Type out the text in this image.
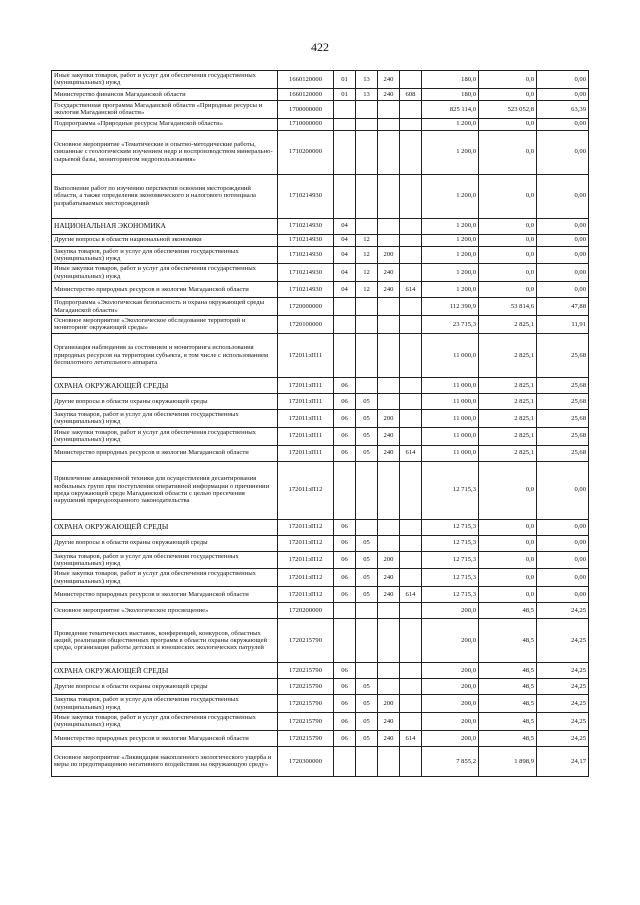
422
Иные закупки товаров, работ и услуг для обеспечения государственных (муниципальных) нужд	1660120000	01	13	240		180,0	0,0	0,00
Министерство финансов Магаданской области	1660120000	01	13	240	608	180,0	0,0	0,00
Государственная программа Магаданской области «Природные ресурсы и экология Магаданской области»	1700000000					825 114,0	523 052,8	63,39
Подпрограмма «Природные ресурсы Магаданской области»	1710000000					1 200,0	0,0	0,00
Основное мероприятие «Тематические и опытно-методические работы, связанные с геологическим изучением недр и воспроизводством минерально-сырьевой базы, мониторингом недропользования»	1710200000					1 200,0	0,0	0,00
Выполнение работ по изучению перспектив освоения месторождений области, а также определения экономического и налогового потенциала разрабатываемых месторождений	1710214930					1 200,0	0,0	0,00
НАЦИОНАЛЬНАЯ ЭКОНОМИКА	1710214930	04				1 200,0	0,0	0,00
Другие вопросы в области национальной экономики	1710214930	04	12			1 200,0	0,0	0,00
Закупка товаров, работ и услуг для обеспечения государственных (муниципальных) нужд	1710214930	04	12	200		1 200,0	0,0	0,00
Иные закупки товаров, работ и услуг для обеспечения государственных (муниципальных) нужд	1710214930	04	12	240		1 200,0	0,0	0,00
Министерство природных ресурсов и экологии Магаданской области	1710214930	04	12	240	614	1 200,0	0,0	0,00
Подпрограмма «Экологическая безопасность и охрана окружающей среды Магаданской области»	1720000000					112 390,9	53 814,6	47,88
Основное мероприятие «Экологическое обследование территорий и мониторинг окружающей среды»	1720100000					23 715,3	2 825,1	11,91
Организация наблюдения за состоянием и мониторинга использования природных ресурсов на территории субъекта, в том числе с использованием беспилотного летательного аппарата	172011ͻП11					11 000,0	2 825,1	25,68
ОХРАНА ОКРУЖАЮЩЕЙ СРЕДЫ	172011ͻП11	06				11 000,0	2 825,1	25,68
Другие вопросы в области охраны окружающей среды	172011ͻП11	06	05			11 000,0	2 825,1	25,68
Закупка товаров, работ и услуг для обеспечения государственных (муниципальных) нужд	172011ͻП11	06	05	200		11 000,0	2 825,1	25,68
Иные закупки товаров, работ и услуг для обеспечения государственных (муниципальных) нужд	172011ͻП11	06	05	240		11 000,0	2 825,1	25,68
Министерство природных ресурсов и экологии Магаданской области	172011ͻП11	06	05	240	614	11 000,0	2 825,1	25,68
Привлечение авиационной техники для осуществления десантирования мобильных групп при поступлении оперативной информации о причинении вреда окружающей среде Магаданской области с целью пресечения нарушений природоохранного законодательства	172011ͻП12					12 715,3	0,0	0,00
ОХРАНА ОКРУЖАЮЩЕЙ СРЕДЫ	172011ͻП12	06				12 715,3	0,0	0,00
Другие вопросы в области охраны окружающей среды	172011ͻП12	06	05			12 715,3	0,0	0,00
Закупка товаров, работ и услуг для обеспечения государственных (муниципальных) нужд	172011ͻП12	06	05	200		12 715,3	0,0	0,00
Иные закупки товаров, работ и услуг для обеспечения государственных (муниципальных) нужд	172011ͻП12	06	05	240		12 715,3	0,0	0,00
Министерство природных ресурсов и экологии Магаданской области	172011ͻП12	06	05	240	614	12 715,3	0,0	0,00
Основное мероприятие «Экологическое просвещение»	1720200000					200,0	48,5	24,25
Проведение тематических выставок, конференций, конкурсов, областных акций, реализация общественных программ в области охраны окружающей среды, организация работы детских и юношеских экологических патрулей	1720215790					200,0	48,5	24,25
ОХРАНА ОКРУЖАЮЩЕЙ СРЕДЫ	1720215790	06				200,0	48,5	24,25
Другие вопросы в области охраны окружающей среды	1720215790	06	05			200,0	48,5	24,25
Закупка товаров, работ и услуг для обеспечения государственных (муниципальных) нужд	1720215790	06	05	200		200,0	48,5	24,25
Иные закупки товаров, работ и услуг для обеспечения государственных (муниципальных) нужд	1720215790	06	05	240		200,0	48,5	24,25
Министерство природных ресурсов и экологии Магаданской области	1720215790	06	05	240	614	200,0	48,5	24,25
Основное мероприятие «Ликвидация накопленного экологического ущерба и меры по предотвращению негативного воздействия на окружающую среду»	1720300000					7 855,2	1 898,9	24,17
